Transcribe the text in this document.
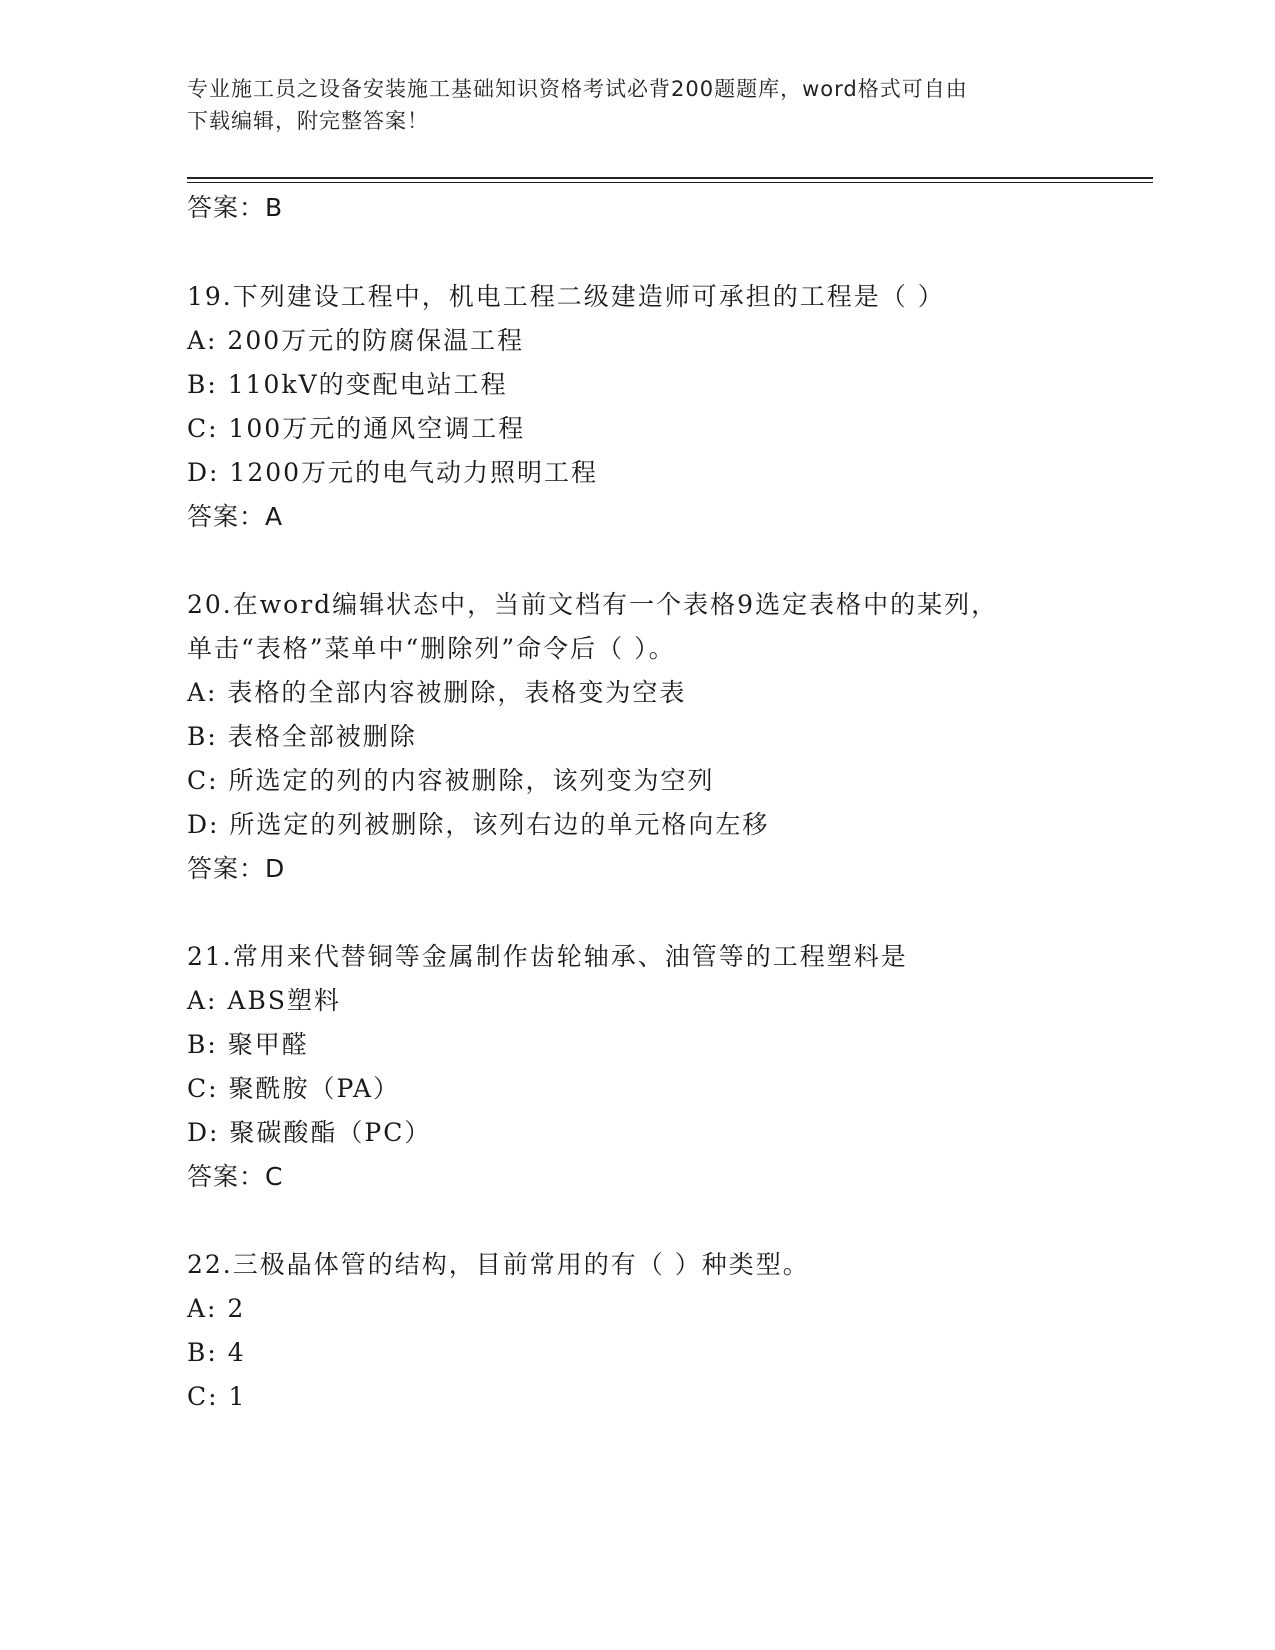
专业施工员之设备安装施工基础知识资格考试必背200题题库，word格式可自由
下载编辑，附完整答案！
答案：B
19.下列建设工程中，机电工程二级建造师可承担的工程是（ ）
A: 200万元的防腐保温工程
B: 110kV的变配电站工程
C: 100万元的通风空调工程
D: 1200万元的电气动力照明工程
答案：A
20.在word编辑状态中，当前文档有一个表格9选定表格中的某列，
单击“表格”菜单中“删除列”命令后（ ）。
A: 表格的全部内容被删除，表格变为空表
B: 表格全部被删除
C: 所选定的列的内容被删除，该列变为空列
D: 所选定的列被删除，该列右边的单元格向左移
答案：D
21.常用来代替铜等金属制作齿轮轴承、油管等的工程塑料是
A: ABS塑料
B: 聚甲醛
C: 聚酰胺（PA）
D: 聚碳酸酯（PC）
答案：C
22.三极晶体管的结构，目前常用的有（ ）种类型。
A: 2
B: 4
C: 1
